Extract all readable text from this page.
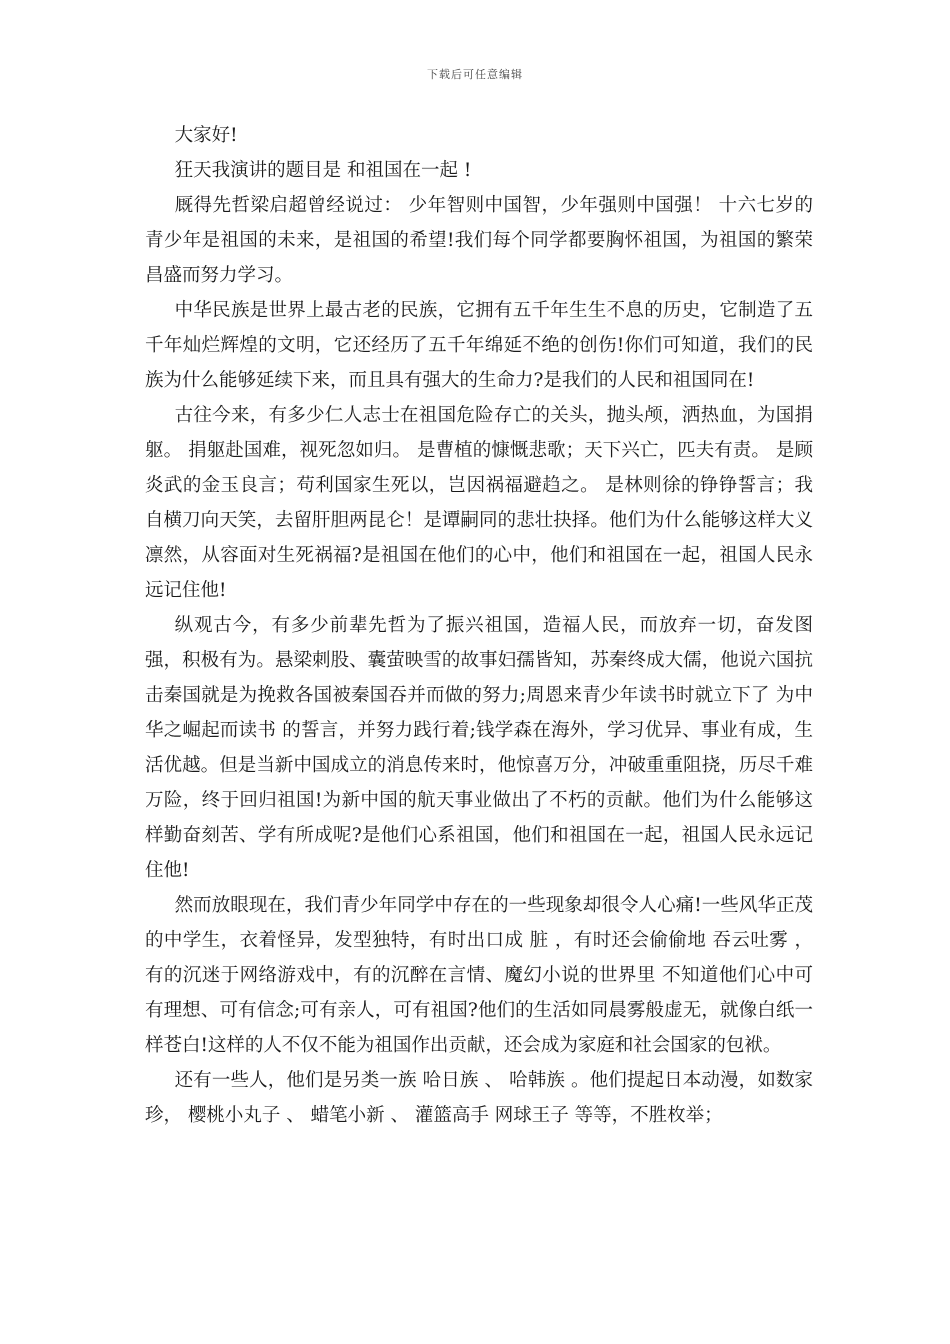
下载后可任意编辑

大家好!

狂天我演讲的题目是 和祖国在一起 !

厩得先哲梁启超曾经说过： 少年智则中国智，少年强则中国强！ 十六七岁的青少年是祖国的未来，是祖国的希望!我们每个同学都要胸怀祖国，为祖国的繁荣昌盛而努力学习。

中华民族是世界上最古老的民族，它拥有五千年生生不息的历史，它制造了五千年灿烂辉煌的文明，它还经历了五千年绵延不绝的创伤!你们可知道，我们的民族为什么能够延续下来，而且具有强大的生命力?是我们的人民和祖国同在!

古往今来，有多少仁人志士在祖国危险存亡的关头，抛头颅，洒热血，为国捐躯。 捐躯赴国难，视死忽如归。 是曹植的慷慨悲歌；天下兴亡，匹夫有责。 是顾炎武的金玉良言；苟利国家生死以，岂因祸福避趋之。 是林则徐的铮铮誓言；我自横刀向天笑，去留肝胆两昆仑！是谭嗣同的悲壮抉择。他们为什么能够这样大义凛然，从容面对生死祸福?是祖国在他们的心中，他们和祖国在一起，祖国人民永远记住他!

纵观古今，有多少前辈先哲为了振兴祖国，造福人民，而放弃一切，奋发图强，积极有为。悬梁刺股、囊萤映雪的故事妇孺皆知，苏秦终成大儒，他说六国抗击秦国就是为挽救各国被秦国吞并而做的努力;周恩来青少年读书时就立下了 为中华之崛起而读书 的誓言，并努力践行着;钱学森在海外，学习优异、事业有成，生活优越。但是当新中国成立的消息传来时，他惊喜万分，冲破重重阻挠，历尽千难万险，终于回归祖国!为新中国的航天事业做出了不朽的贡献。他们为什么能够这样勤奋刻苦、学有所成呢?是他们心系祖国，他们和祖国在一起，祖国人民永远记住他!

然而放眼现在，我们青少年同学中存在的一些现象却很令人心痛!一些风华正茂的中学生，衣着怪异，发型独特，有时出口成 脏 ，有时还会偷偷地 吞云吐雾 ，有的沉迷于网络游戏中，有的沉醉在言情、魔幻小说的世界里 不知道他们心中可有理想、可有信念;可有亲人，可有祖国?他们的生活如同晨雾般虚无，就像白纸一样苍白!这样的人不仅不能为祖国作出贡献，还会成为家庭和社会国家的包袱。

还有一些人，他们是另类一族 哈日族 、 哈韩族 。他们提起日本动漫，如数家珍， 樱桃小丸子 、 蜡笔小新 、 灌篮高手 网球王子 等等，不胜枚举；
